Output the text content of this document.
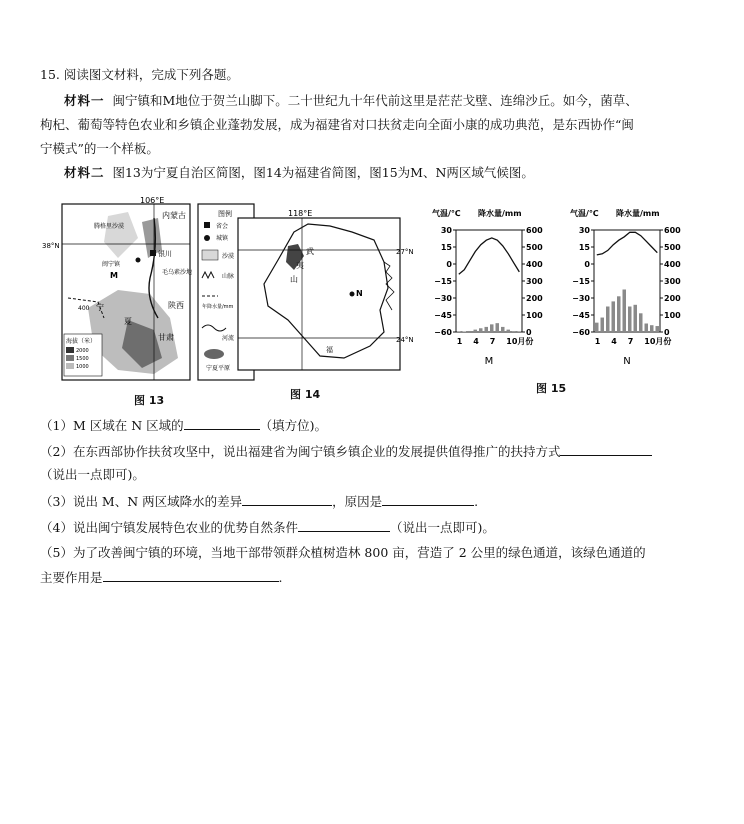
15. 阅读图文材料，完成下列各题。
材料一 闽宁镇和M地位于贺兰山脚下。二十世纪九十年代前这里是茫茫戈壁、连绵沙丘。如今，菌草、
枸杞、葡萄等特色农业和乡镇企业蓬勃发展，成为福建省对口扶贫走向全面小康的成功典范，是东西协作“闽
宁模式”的一个样板。
材料二 图13为宁夏自治区简图，图14为福建省简图，图15为M、N两区域气候图。
106°E
38°N
内蒙古
腾格里沙漠
银川
闽宁镇
毛乌素沙地
陕西
甘肃
M
宁
夏
400
海拔（米）
2000
1500
1000
图例
省会
城镇
沙漠
山脉
年降水量/mm
河流
宁夏平原
图 13
118°E
27°N
24°N
武
夷
山
N
福
图 14
气温/℃ 降水量/mm
30
15
0
−15
−30
−45
−60
600
500
400
300
200
100
0
1 4 7 10月份
M
气温/℃ 降水量/mm
30
15
0
−15
−30
−45
−60
600
500
400
300
200
100
0
1 4 7 10月份
N
图 15
（1）M 区域在 N 区域的	（填方位)。
（2）在东西部协作扶贫攻坚中，说出福建省为闽宁镇乡镇企业的发展提供值得推广的扶持方式
（说出一点即可)。
（3）说出 M、N 两区域降水的差异	，原因是	.
（4）说出闽宁镇发展特色农业的优势自然条件	（说出一点即可)。
（5）为了改善闽宁镇的环境，当地干部带领群众植树造林 800 亩，营造了 2 公里的绿色通道，该绿色通道的
主要作用是	.
